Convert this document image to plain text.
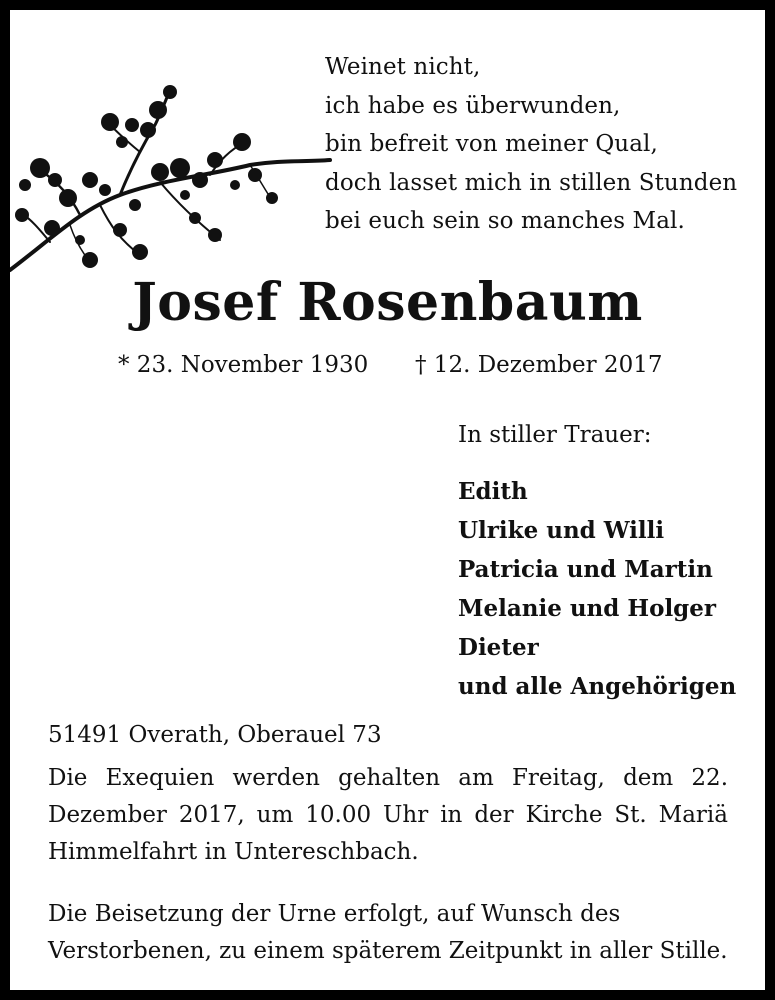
Weinet nicht,
ich habe es überwunden,
bin befreit von meiner Qual,
doch lasset mich in stillen Stunden
bei euch sein so manches Mal.
Josef Rosenbaum
* 23. November 1930 † 12. Dezember 2017
In stiller Trauer:
Edith
Ulrike und Willi
Patricia und Martin
Melanie und Holger
Dieter
und alle Angehörigen
51491 Overath, Oberauel 73

Die Exequien werden gehalten am Freitag, dem 22. Dezember 2017, um 10.00 Uhr in der Kirche St. Mariä Himmelfahrt in Untereschbach.

Die Beisetzung der Urne erfolgt, auf Wunsch des Verstorbenen, zu einem späterem Zeitpunkt in aller Stille.
